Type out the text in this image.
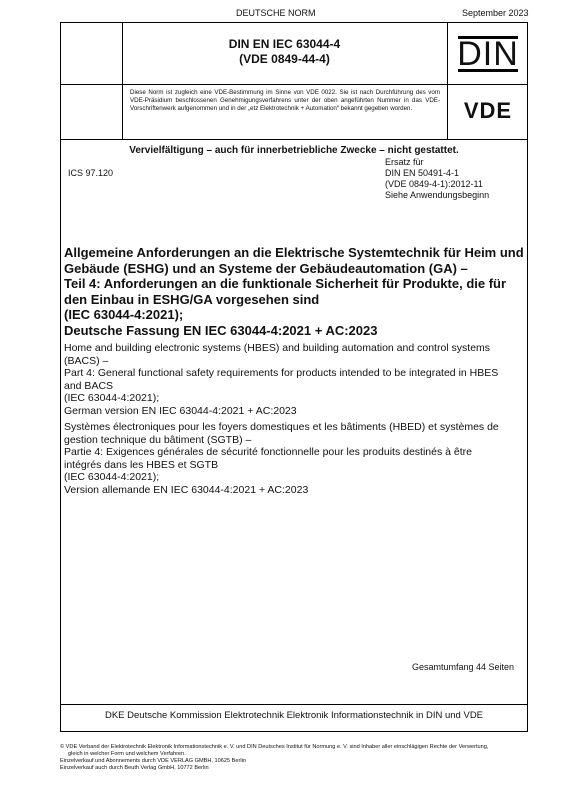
DEUTSCHE NORM	September 2023
DIN EN IEC 63044-4
(VDE 0849-44-4)	DIN
Diese Norm ist zugleich eine VDE-Bestimmung im Sinne von VDE 0022. Sie ist nach Durchführung des vom VDE-Präsidium beschlossenen Genehmigungsverfahrens unter der oben angeführten Nummer in das VDE-Vorschriftenwerk aufgenommen und in der „etz Elektrotechnik + Automation“ bekannt gegeben worden.	VDE
Vervielfältigung – auch für innerbetriebliche Zwecke – nicht gestattet.
ICS 97.120
Ersatz für
DIN EN 50491-4-1
(VDE 0849-4-1):2012-11
Siehe Anwendungsbeginn
Allgemeine Anforderungen an die Elektrische Systemtechnik für Heim und
Gebäude (ESHG) und an Systeme der Gebäudeautomation (GA) –
Teil 4: Anforderungen an die funktionale Sicherheit für Produkte, die für
den Einbau in ESHG/GA vorgesehen sind
(IEC 63044-4:2021);
Deutsche Fassung EN IEC 63044-4:2021 + AC:2023
Home and building electronic systems (HBES) and building automation and control systems
(BACS) –
Part 4: General functional safety requirements for products intended to be integrated in HBES
and BACS
(IEC 63044-4:2021);
German version EN IEC 63044-4:2021 + AC:2023
Systèmes électroniques pour les foyers domestiques et les bâtiments (HBED) et systèmes de
gestion technique du bâtiment (SGTB) –
Partie 4: Exigences générales de sécurité fonctionnelle pour les produits destinés à être
intégrés dans les HBES et SGTB
(IEC 63044-4:2021);
Version allemande EN IEC 63044-4:2021 + AC:2023
Gesamtumfang 44 Seiten
DKE Deutsche Kommission Elektrotechnik Elektronik Informationstechnik in DIN und VDE
© VDE Verband der Elektrotechnik Elektronik Informationstechnik e. V. und DIN Deutsches Institut für Normung e. V. sind Inhaber aller einschlägigen Rechte der Verwertung,
gleich in welcher Form und welchem Verfahren.
Einzelverkauf und Abonnements durch VDE VERLAG GMBH, 10625 Berlin
Einzelverkauf auch durch Beuth Verlag GmbH, 10772 Berlin
